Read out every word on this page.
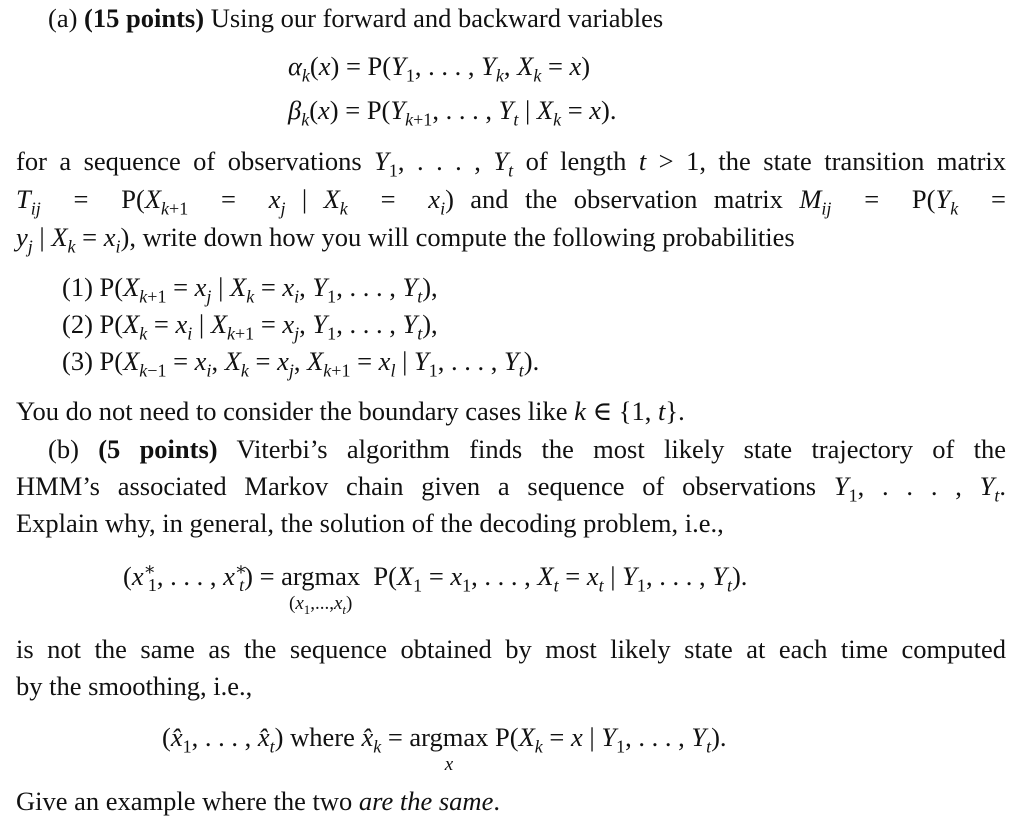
(a) (15 points) Using our forward and backward variables
$\alpha_k(x) = P(Y_1$, . . . , $Y_k$, $X_k = x$)
$\beta_k(x) = P(Y_{k+1}$, . . . , $Y_t$ | $X_k = x$).
for a sequence of observations $Y_1$, . . . , $Y_t$ of length t > 1, the state transition matrix
$T_{ij} = P(X_{k+1} = x_j$ | $X_k = x_i$) and the observation matrix $M_{ij} = P(Y_k$  =
$y_j$ | $X_k = x_i$), write down how you will compute the following probabilities
(1) $P(X_{k+1} = x_j$ | $X_k = x_i$, $Y_1$, . . . , $Y_t$),
(2) $P(X_k = x_i$ | $X_{k+1} = x_j$, $Y_1$, . . . , $Y_t$),
(3) $P(X_{k-1} = x_i$, $X_k = x_j$, $X_{k+1} = x_l$ | $Y_1$, . . . , $Y_t$).
You do not need to consider the boundary cases like k ∈ {1, t}.
(b) (5 points) Viterbi’s algorithm finds the most likely state trajectory of the
HMM’s associated Markov chain given a sequence of observations $Y_1$, . . . , $Y_t$.
Explain why, in general, the solution of the decoding problem, i.e.,
($x^∗_1$, . . . , $x^∗_t) = argmax$
$(x_1,...,x_t)$
$P(X_1 = x_1$, . . . , $X_t = x_t$ | $Y_1$, . . . , $Y_t$).
is not the same as the sequence obtained by most likely state at each time computed
by the smoothing, i.e.,
($x̂_1$, . . . , $x̂_t$) where $x̂_k = argmax$
x
$P(X_k = x$ | $Y_1$, . . . , $Y_t$).
Give an example where the two are the same.
